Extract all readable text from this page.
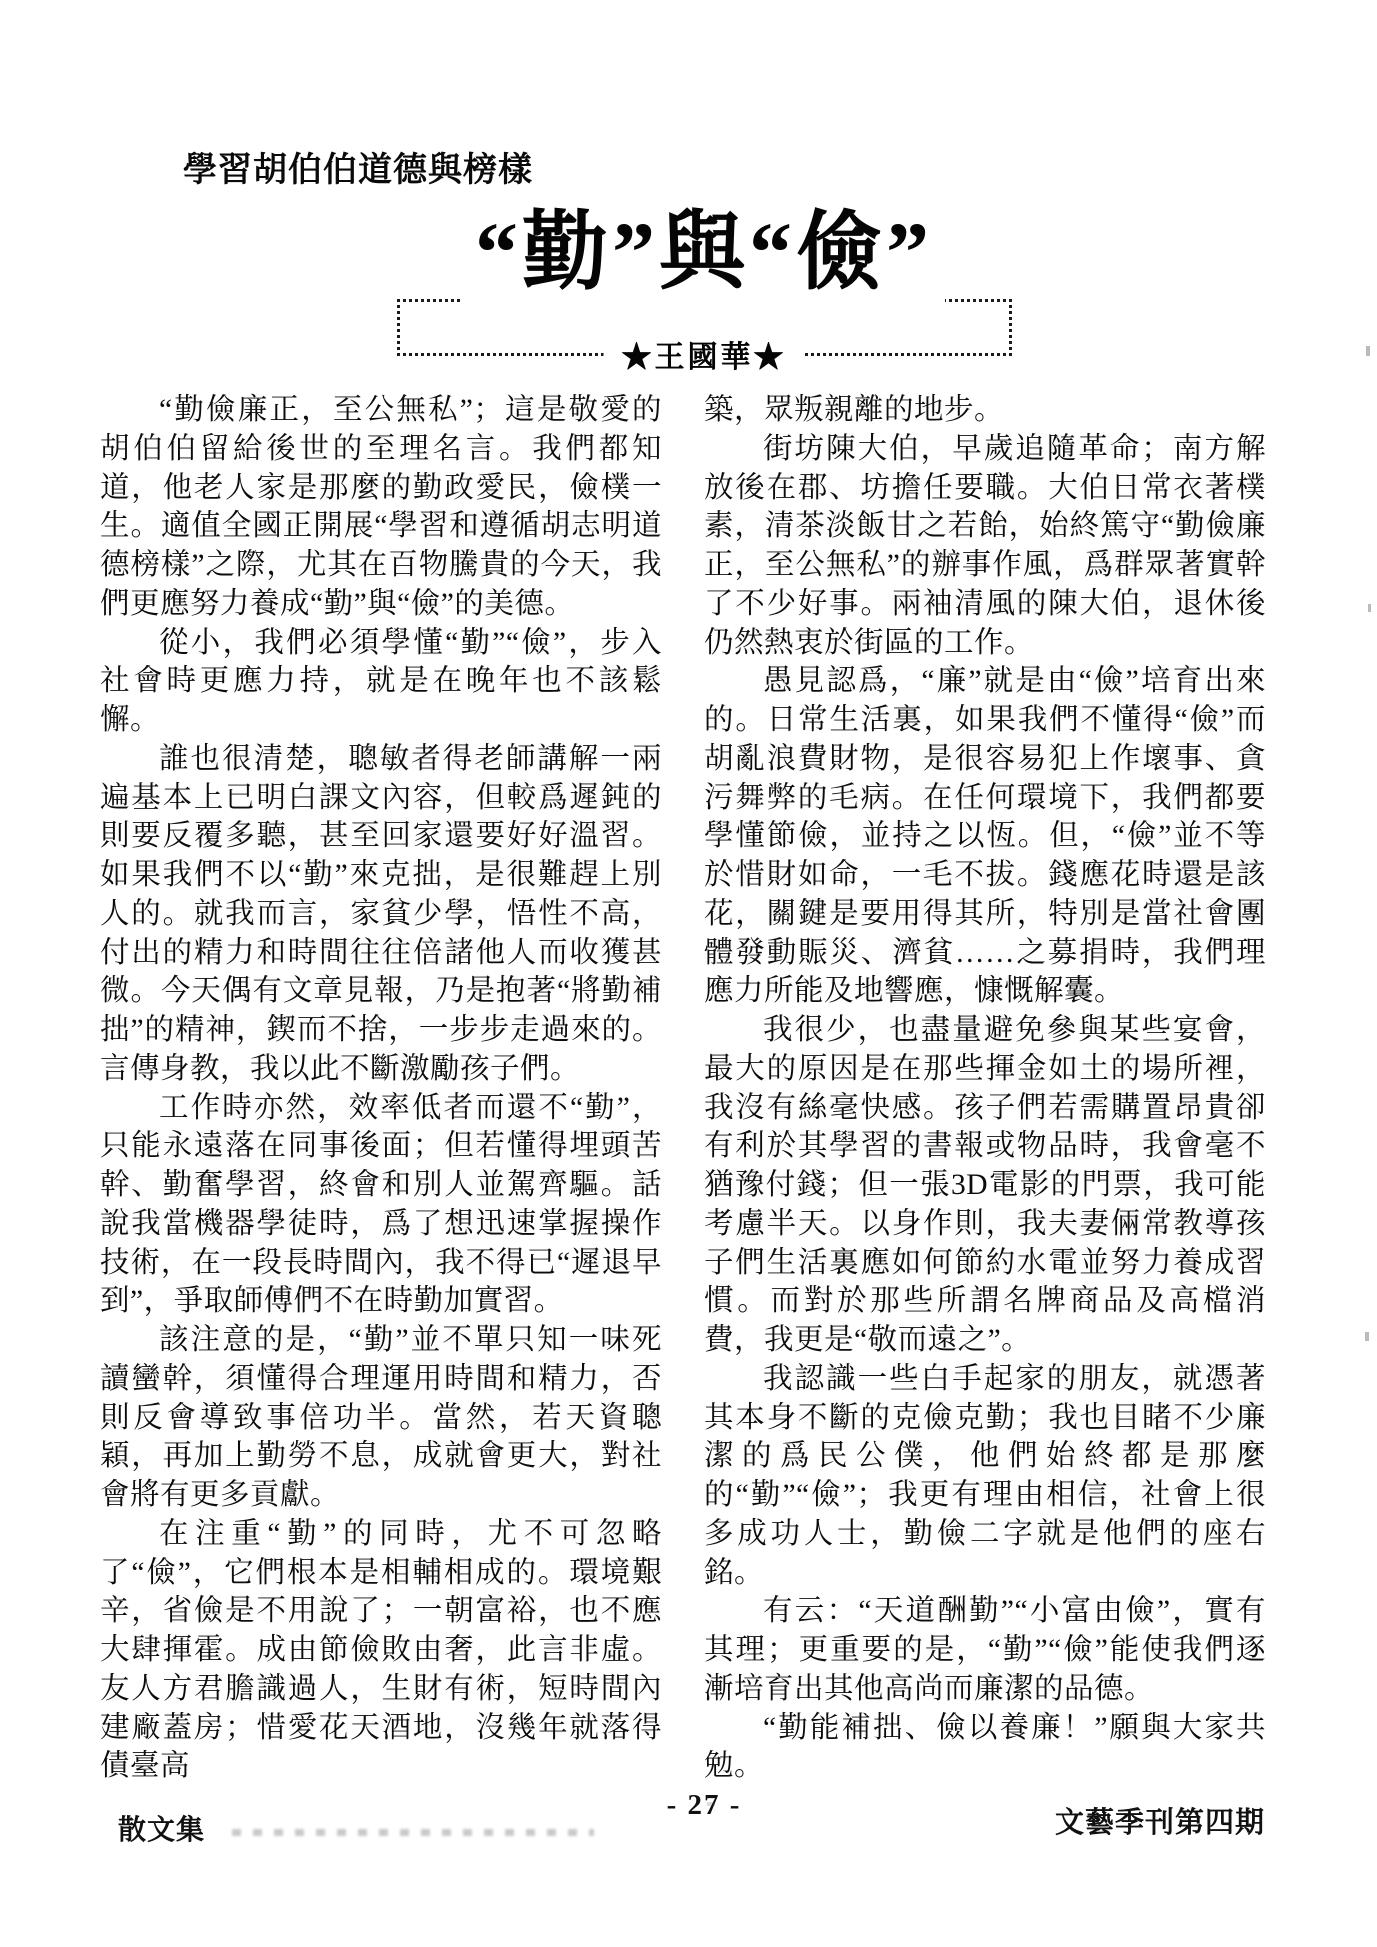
學習胡伯伯道德與榜樣
“勤”與“儉”
★王國華★

“勤儉廉正，至公無私”；這是敬愛的胡伯伯留給後世的至理名言。我們都知道，他老人家是那麼的勤政愛民，儉樸一生。適值全國正開展“學習和遵循胡志明道德榜樣”之際，尤其在百物騰貴的今天，我們更應努力養成“勤”與“儉”的美德。

從小，我們必須學懂“勤”“儉”，步入社會時更應力持，就是在晚年也不該鬆懈。

誰也很清楚，聰敏者得老師講解一兩遍基本上已明白課文內容，但較爲遲鈍的則要反覆多聽，甚至回家還要好好溫習。如果我們不以“勤”來克拙，是很難趕上別人的。就我而言，家貧少學，悟性不高，付出的精力和時間往往倍諸他人而收獲甚微。今天偶有文章見報，乃是抱著“將勤補拙”的精神，鍥而不捨，一步步走過來的。言傳身教，我以此不斷激勵孩子們。

工作時亦然，效率低者而還不“勤”，只能永遠落在同事後面；但若懂得埋頭苦幹、勤奮學習，終會和別人並駕齊驅。話說我當機器學徒時，爲了想迅速掌握操作技術，在一段長時間內，我不得已“遲退早到”，爭取師傅們不在時勤加實習。

該注意的是，“勤”並不單只知一味死讀蠻幹，須懂得合理運用時間和精力，否則反會導致事倍功半。當然，若天資聰穎，再加上勤勞不息，成就會更大，對社會將有更多貢獻。

在注重“勤”的同時，尤不可忽略了“儉”，它們根本是相輔相成的。環境艱辛，省儉是不用說了；一朝富裕，也不應大肆揮霍。成由節儉敗由奢，此言非虛。友人方君膽識過人，生財有術，短時間內建廠蓋房；惜愛花天酒地，沒幾年就落得債臺高

築，眾叛親離的地步。

街坊陳大伯，早歲追隨革命；南方解放後在郡、坊擔任要職。大伯日常衣著樸素，清茶淡飯甘之若飴，始終篤守“勤儉廉正，至公無私”的辦事作風，爲群眾著實幹了不少好事。兩袖清風的陳大伯，退休後仍然熱衷於街區的工作。

愚見認爲，“廉”就是由“儉”培育出來的。日常生活裏，如果我們不懂得“儉”而胡亂浪費財物，是很容易犯上作壞事、貪污舞弊的毛病。在任何環境下，我們都要學懂節儉，並持之以恆。但，“儉”並不等於惜財如命，一毛不拔。錢應花時還是該花，關鍵是要用得其所，特別是當社會團體發動賑災、濟貧……之募捐時，我們理應力所能及地響應，慷慨解囊。

我很少，也盡量避免參與某些宴會，最大的原因是在那些揮金如土的場所裡，我沒有絲毫快感。孩子們若需購置昂貴卻有利於其學習的書報或物品時，我會毫不猶豫付錢；但一張3D電影的門票，我可能考慮半天。以身作則，我夫妻倆常教導孩子們生活裏應如何節約水電並努力養成習慣。而對於那些所謂名牌商品及高檔消費，我更是“敬而遠之”。

我認識一些白手起家的朋友，就憑著其本身不斷的克儉克勤；我也目睹不少廉潔的爲民公僕，他們始終都是那麼的“勤”“儉”；我更有理由相信，社會上很多成功人士，勤儉二字就是他們的座右銘。

有云：“天道酬勤”“小富由儉”，實有其理；更重要的是，“勤”“儉”能使我們逐漸培育出其他高尚而廉潔的品德。

“勤能補拙、儉以養廉！”願與大家共勉。

散文集
- 27 -
文藝季刊第四期
